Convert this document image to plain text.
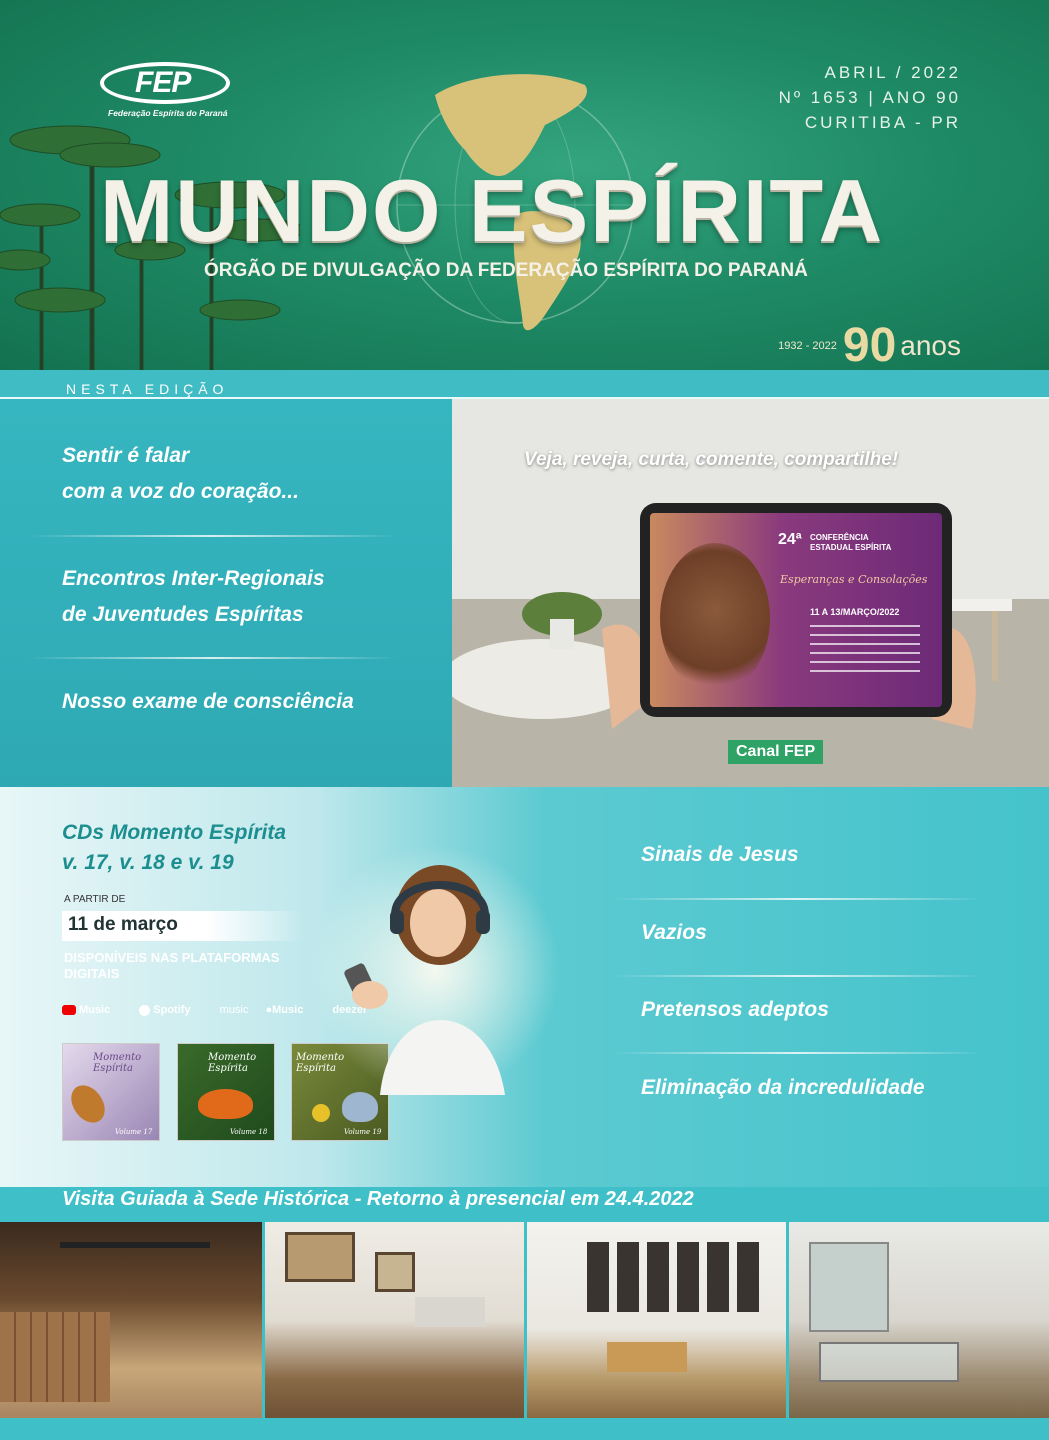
FEP
Federação Espírita do Paraná
ABRIL / 2022
Nº 1653 | ANO 90
CURITIBA - PR
MUNDO ESPÍRITA
ÓRGÃO DE DIVULGAÇÃO DA FEDERAÇÃO ESPÍRITA DO PARANÁ
1932 - 2022 90 anos
NESTA EDIÇÃO
Sentir é falar
com a voz do coração...
Encontros Inter-Regionais
de Juventudes Espíritas
Nosso exame de consciência
24ª CONFERÊNCIA
ESTADUAL ESPÍRITA
Esperanças e Consolações
11 A 13/MARÇO/2022
Veja, reveja, curta, comente, compartilhe!
Canal FEP
CDs Momento Espírita
v. 17, v. 18 e v. 19
A PARTIR DE
11 de março
DISPONÍVEIS NAS PLATAFORMAS DIGITAIS
Music	Spotify	music ●Music
Momento Espírita
Volume 17
Momento Espírita
Volume 18
Momento Espírita
Volume 19
Sinais de Jesus
Vazios
Pretensos adeptos
Eliminação da incredulidade
Visita Guiada à Sede Histórica - Retorno à presencial em 24.4.2022
